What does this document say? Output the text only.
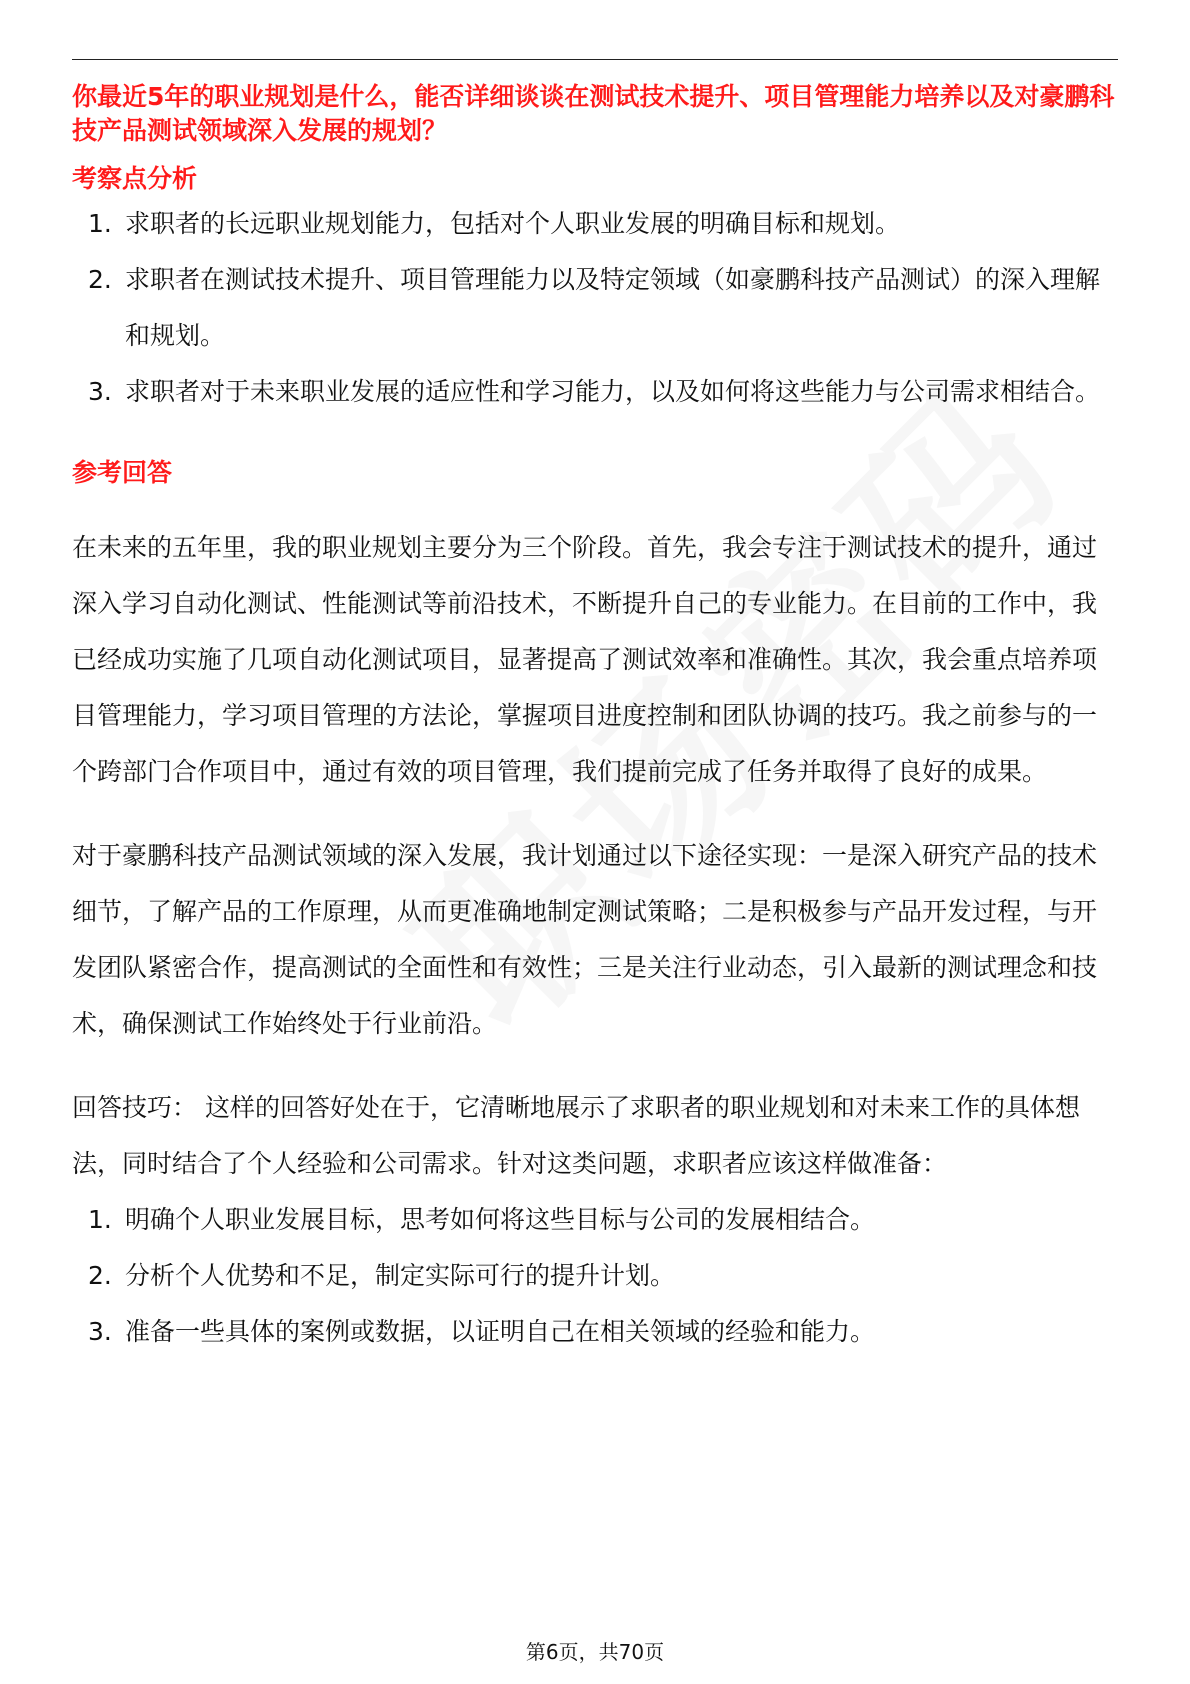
你最近5年的职业规划是什么，能否详细谈谈在测试技术提升、项目管理能力培养以及对豪鹏科技产品测试领域深入发展的规划？

考察点分析
1. 求职者的长远职业规划能力，包括对个人职业发展的明确目标和规划。
2. 求职者在测试技术提升、项目管理能力以及特定领域（如豪鹏科技产品测试）的深入理解和规划。
3. 求职者对于未来职业发展的适应性和学习能力，以及如何将这些能力与公司需求相结合。
参考回答

在未来的五年里，我的职业规划主要分为三个阶段。首先，我会专注于测试技术的提升，通过深入学习自动化测试、性能测试等前沿技术，不断提升自己的专业能力。在目前的工作中，我已经成功实施了几项自动化测试项目，显著提高了测试效率和准确性。其次，我会重点培养项目管理能力，学习项目管理的方法论，掌握项目进度控制和团队协调的技巧。我之前参与的一个跨部门合作项目中，通过有效的项目管理，我们提前完成了任务并取得了良好的成果。

对于豪鹏科技产品测试领域的深入发展，我计划通过以下途径实现：一是深入研究产品的技术细节，了解产品的工作原理，从而更准确地制定测试策略；二是积极参与产品开发过程，与开发团队紧密合作，提高测试的全面性和有效性；三是关注行业动态，引入最新的测试理念和技术，确保测试工作始终处于行业前沿。

回答技巧： 这样的回答好处在于，它清晰地展示了求职者的职业规划和对未来工作的具体想法，同时结合了个人经验和公司需求。针对这类问题，求职者应该这样做准备：

1. 明确个人职业发展目标，思考如何将这些目标与公司的发展相结合。
2. 分析个人优势和不足，制定实际可行的提升计划。
3. 准备一些具体的案例或数据，以证明自己在相关领域的经验和能力。
第6页，共70页
